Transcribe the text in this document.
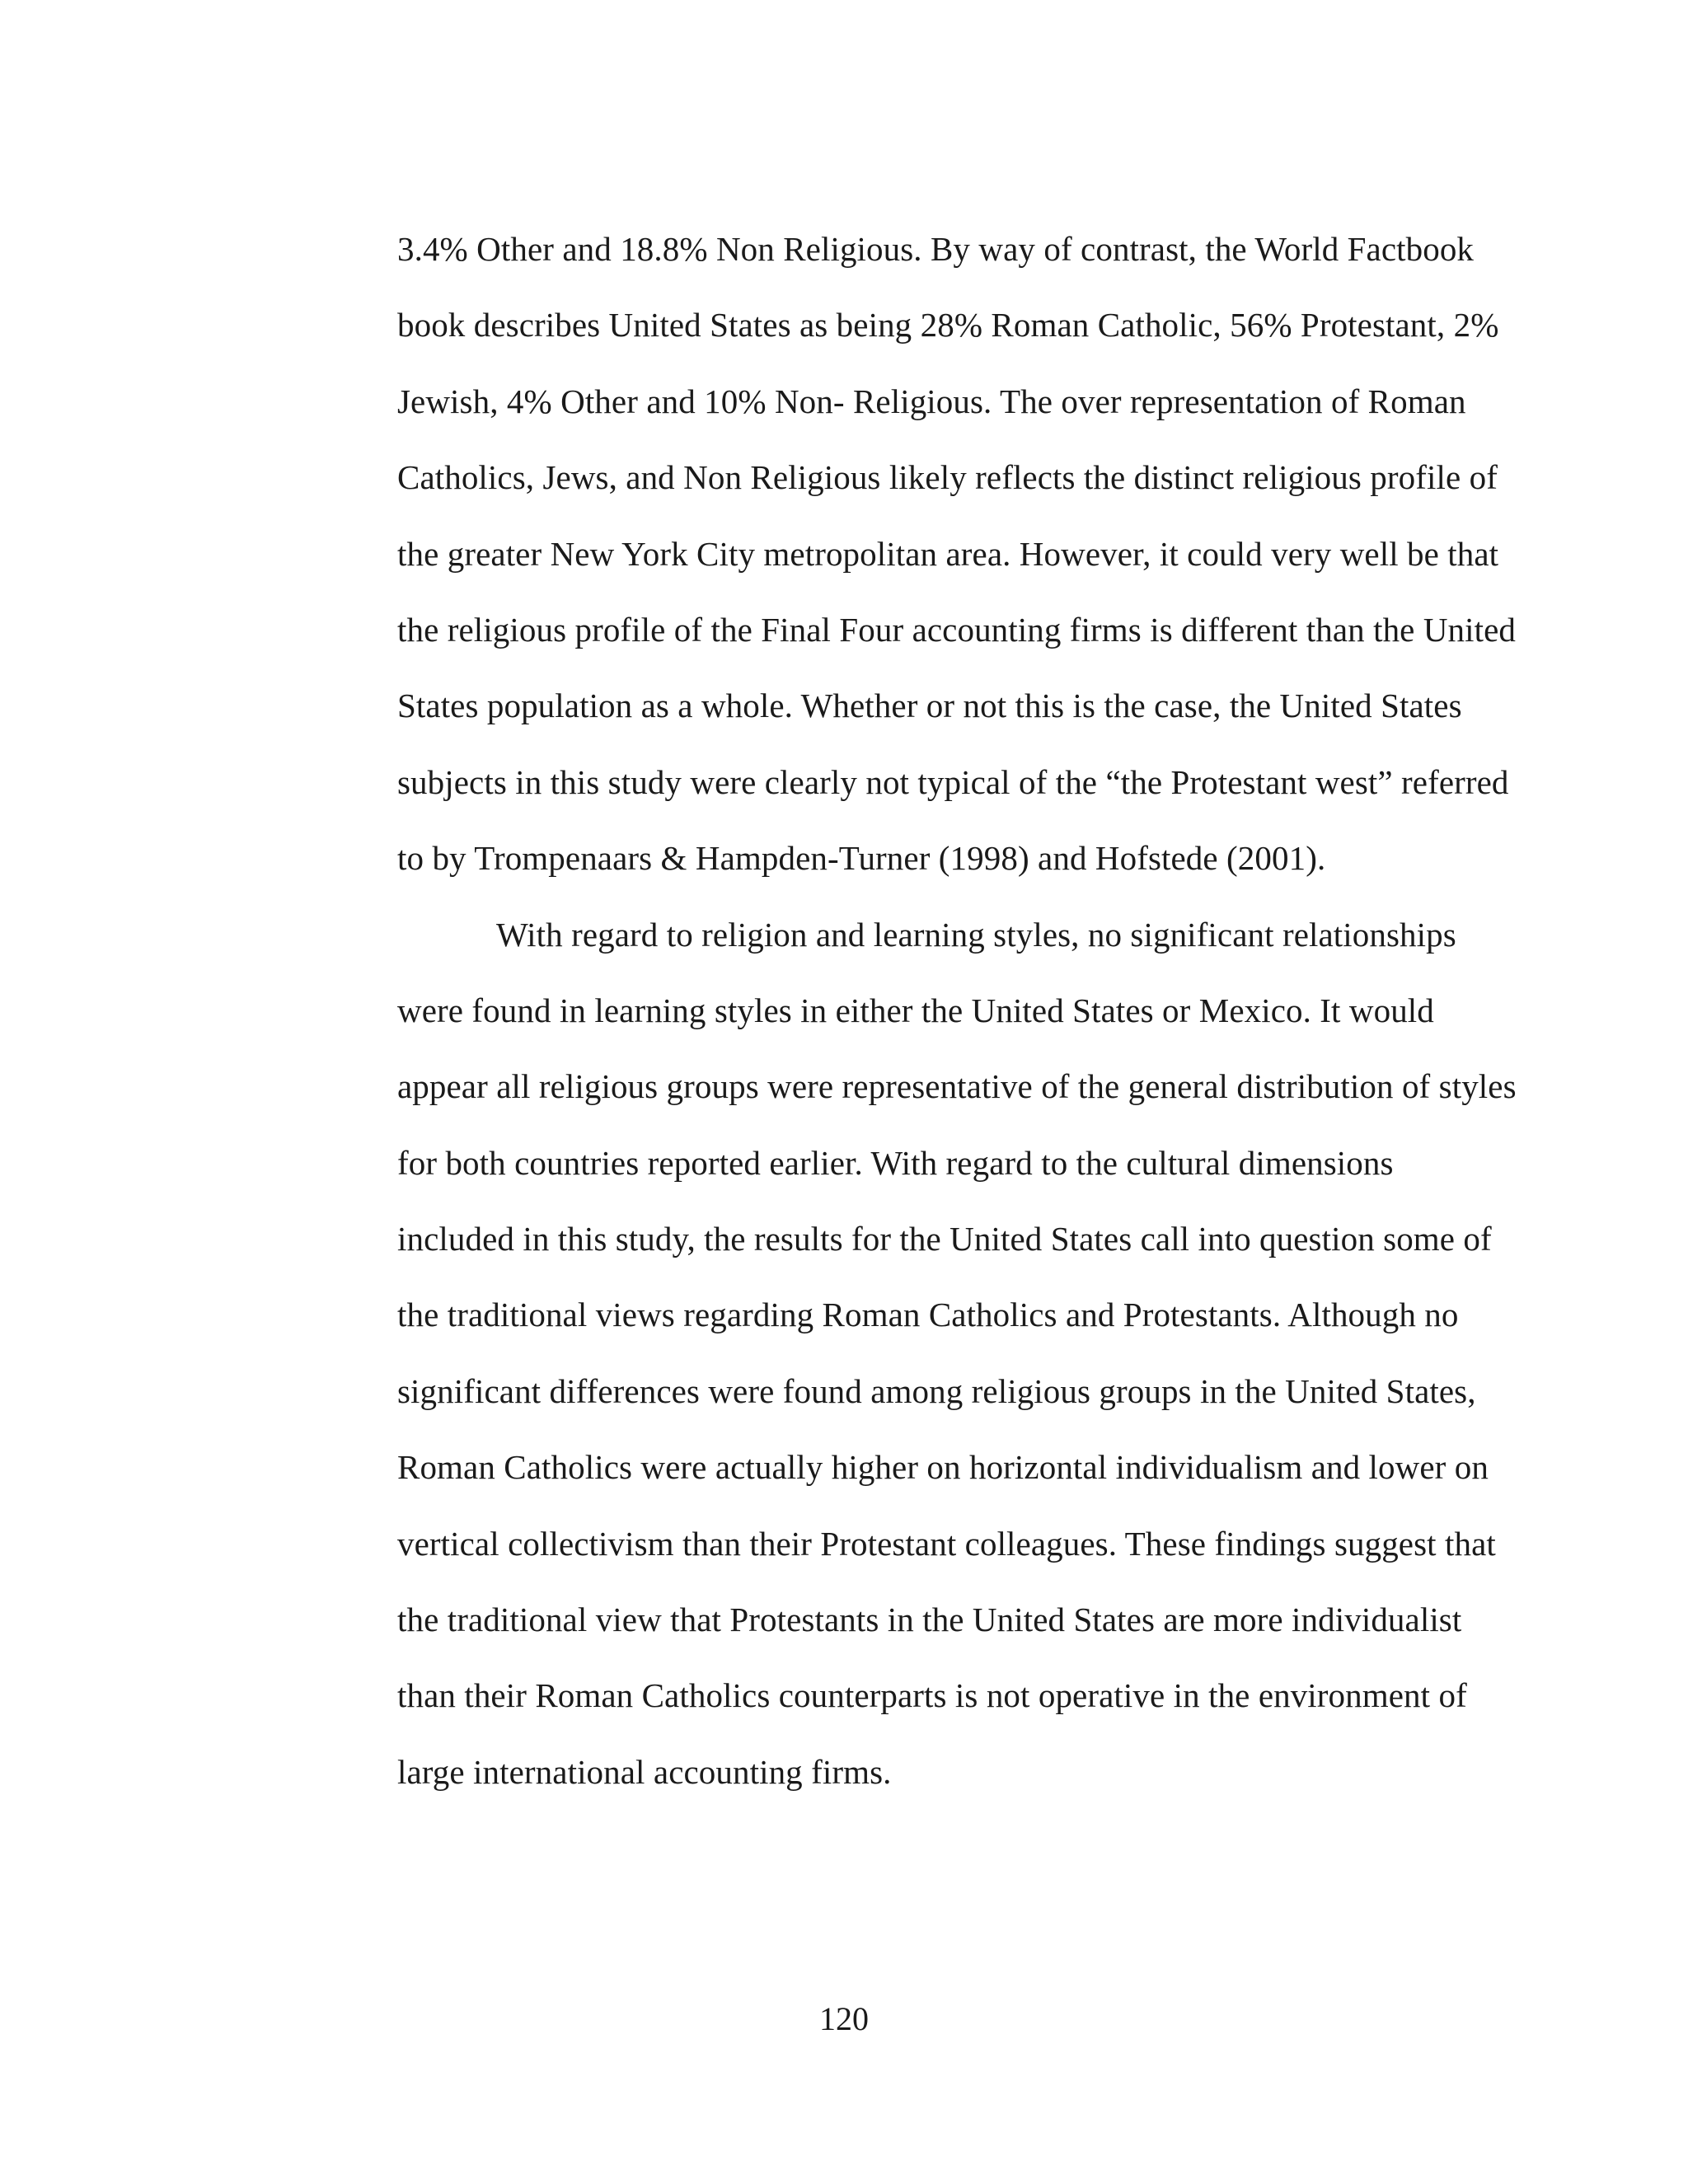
3.4% Other and 18.8% Non Religious. By way of contrast, the World Factbook
book describes United States as being 28% Roman Catholic, 56% Protestant, 2%
Jewish, 4% Other and 10% Non- Religious. The over representation of Roman
Catholics, Jews, and Non Religious likely reflects the distinct religious profile of
the greater New York City metropolitan area. However, it could very well be that
the religious profile of the Final Four accounting firms is different than the United
States population as a whole. Whether or not this is the case, the United States
subjects in this study were clearly not typical of the “the Protestant west” referred
to by Trompenaars & Hampden-Turner (1998) and Hofstede (2001).
With regard to religion and learning styles, no significant relationships
were found in learning styles in either the United States or Mexico. It would
appear all religious groups were representative of the general distribution of styles
for both countries reported earlier. With regard to the cultural dimensions
included in this study, the results for the United States call into question some of
the traditional views regarding Roman Catholics and Protestants. Although no
significant differences were found among religious groups in the United States,
Roman Catholics were actually higher on horizontal individualism and lower on
vertical collectivism than their Protestant colleagues. These findings suggest that
the traditional view that Protestants in the United States are more individualist
than their Roman Catholics counterparts is not operative in the environment of
large international accounting firms.
120
